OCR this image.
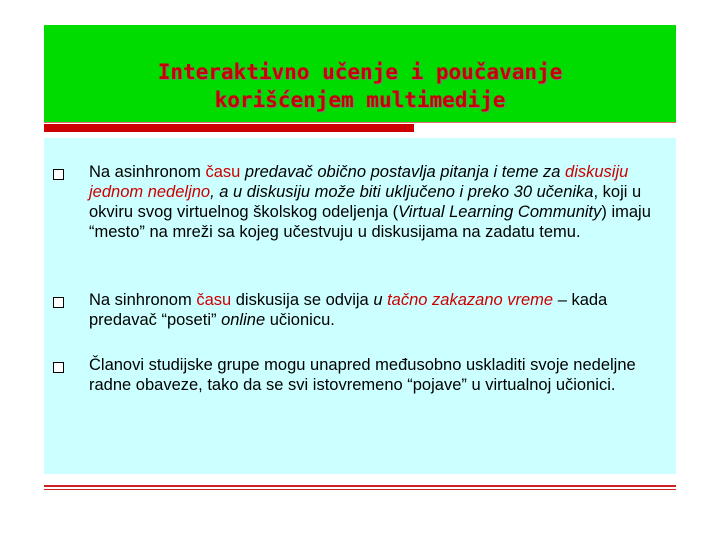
Interaktivno učenje i poučavanje
korišćenjem multimedije
Na asinhronom času predavač obično postavlja pitanja i teme za diskusiju jednom nedeljno, a u diskusiju može biti uključeno i preko 30 učenika, koji u okviru svog virtuelnog školskog odeljenja (Virtual Learning Community) imaju “mesto” na mreži sa kojeg učestvuju u diskusijama na zadatu temu.
Na sinhronom času diskusija se odvija u tačno zakazano vreme – kada predavač “poseti” online učionicu.
Članovi studijske grupe mogu unapred međusobno uskladiti svoje nedeljne radne obaveze, tako da se svi istovremeno “pojave” u virtualnoj učionici.
